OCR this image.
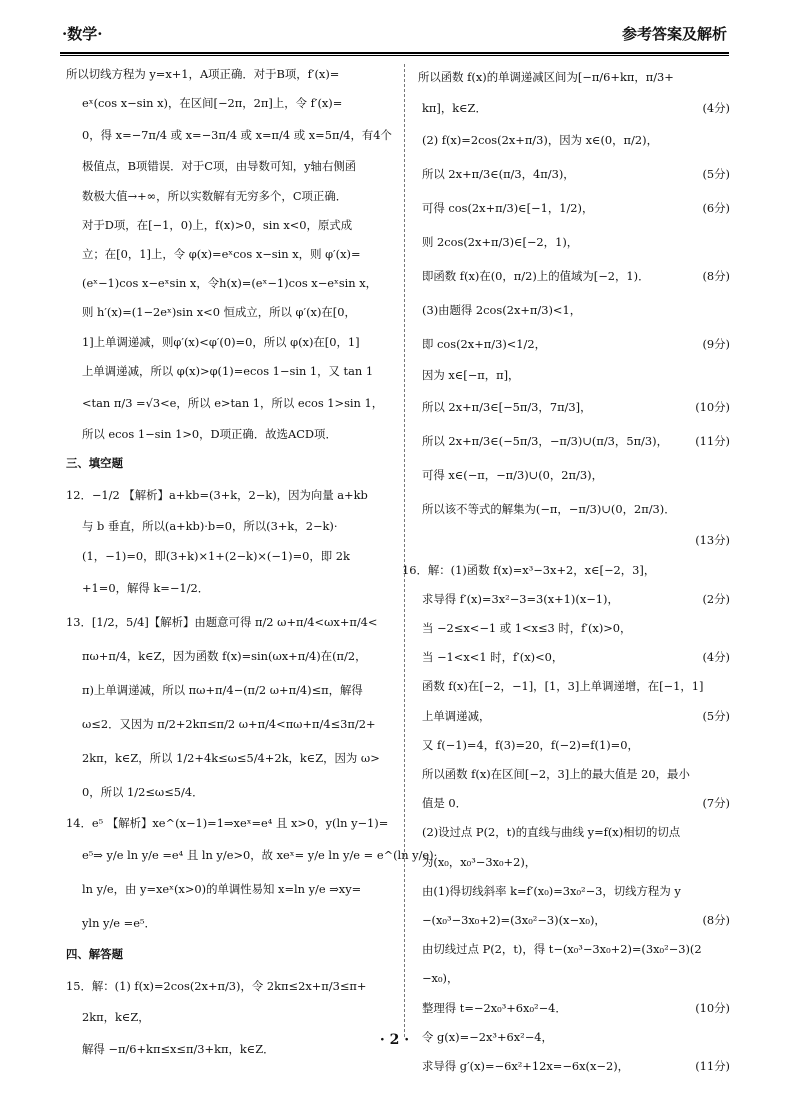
·数学·	参考答案及解析
所以切线方程为 y=x+1，A项正确．对于B项，f′(x)=
eˣ(cos x−sin x)，在区间[−2π，2π]上，令 f′(x)=
0，得 x=−7π/4 或 x=−3π/4 或 x=π/4 或 x=5π/4，有4个
极值点，B项错误．对于C项，由导数可知，y轴右侧函
数极大值→+∞，所以实数解有无穷多个，C项正确．
对于D项，在[−1，0)上，f(x)>0，sin x<0，原式成
立；在[0，1]上，令 φ(x)=eˣcos x−sin x，则 φ′(x)=
(eˣ−1)cos x−eˣsin x，令h(x)=(eˣ−1)cos x−eˣsin x，
则 h′(x)=(1−2eˣ)sin x<0 恒成立，所以 φ′(x)在[0，
1]上单调递减，则φ′(x)<φ′(0)=0，所以 φ(x)在[0，1]
上单调递减，所以 φ(x)>φ(1)=ecos 1−sin 1，又 tan 1
<tan π/3 =√3<e，所以 e>tan 1，所以 ecos 1>sin 1，
所以 ecos 1−sin 1>0，D项正确．故选ACD项．
三、填空题
12．−1/2 【解析】a+kb=(3+k，2−k)，因为向量 a+kb
与 b 垂直，所以(a+kb)·b=0，所以(3+k，2−k)·
(1，−1)=0，即(3+k)×1+(2−k)×(−1)=0，即 2k
+1=0，解得 k=−1/2．
13．[1/2，5/4]【解析】由题意可得 π/2 ω+π/4<ωx+π/4<
πω+π/4，k∈Z，因为函数 f(x)=sin(ωx+π/4)在(π/2，
π)上单调递减，所以 πω+π/4−(π/2 ω+π/4)≤π，解得
ω≤2．又因为 π/2+2kπ≤π/2 ω+π/4<πω+π/4≤3π/2+
2kπ，k∈Z，所以 1/2+4k≤ω≤5/4+2k，k∈Z，因为 ω>
0，所以 1/2≤ω≤5/4．
14．e⁵ 【解析】xe^(x−1)=1⇒xeˣ=e⁴ 且 x>0，y(ln y−1)=
e⁵⇒ y/e ln y/e =e⁴ 且 ln y/e>0，故 xeˣ= y/e ln y/e = e^(ln y/e)·
ln y/e，由 y=xeˣ(x>0)的单调性易知 x=ln y/e ⇒xy=
yln y/e =e⁵．
四、解答题
15．解：(1) f(x)=2cos(2x+π/3)，令 2kπ≤2x+π/3≤π+
2kπ，k∈Z，
解得 −π/6+kπ≤x≤π/3+kπ，k∈Z．
所以函数 f(x)的单调递减区间为[−π/6+kπ，π/3+
kπ]，k∈Z．	(4分)
(2) f(x)=2cos(2x+π/3)，因为 x∈(0，π/2)，
所以 2x+π/3∈(π/3，4π/3)，	(5分)
可得 cos(2x+π/3)∈[−1，1/2)，	(6分)
则 2cos(2x+π/3)∈[−2，1)，
即函数 f(x)在(0，π/2)上的值域为[−2，1)．	(8分)
(3)由题得 2cos(2x+π/3)<1，
即 cos(2x+π/3)<1/2，	(9分)
因为 x∈[−π，π]，
所以 2x+π/3∈[−5π/3，7π/3]，	(10分)
所以 2x+π/3∈(−5π/3，−π/3)∪(π/3，5π/3)， (11分)
可得 x∈(−π，−π/3)∪(0，2π/3)，
所以该不等式的解集为(−π，−π/3)∪(0，2π/3)．
(13分)
16．解：(1)函数 f(x)=x³−3x+2，x∈[−2，3]，
求导得 f′(x)=3x²−3=3(x+1)(x−1)，	(2分)
当 −2≤x<−1 或 1<x≤3 时，f′(x)>0，
当 −1<x<1 时，f′(x)<0，	(4分)
函数 f(x)在[−2，−1]，[1，3]上单调递增，在[−1，1]
上单调递减，	(5分)
又 f(−1)=4，f(3)=20，f(−2)=f(1)=0，
所以函数 f(x)在区间[−2，3]上的最大值是 20，最小
值是 0．	(7分)
(2)设过点 P(2，t)的直线与曲线 y=f(x)相切的切点
为(x₀，x₀³−3x₀+2)，
由(1)得切线斜率 k=f′(x₀)=3x₀²−3，切线方程为 y
−(x₀³−3x₀+2)=(3x₀²−3)(x−x₀)，	(8分)
由切线过点 P(2，t)，得 t−(x₀³−3x₀+2)=(3x₀²−3)(2
−x₀)，
整理得 t=−2x₀³+6x₀²−4．	(10分)
令 g(x)=−2x³+6x²−4，
求导得 g′(x)=−6x²+12x=−6x(x−2)，	(11分)
· 2 ·
